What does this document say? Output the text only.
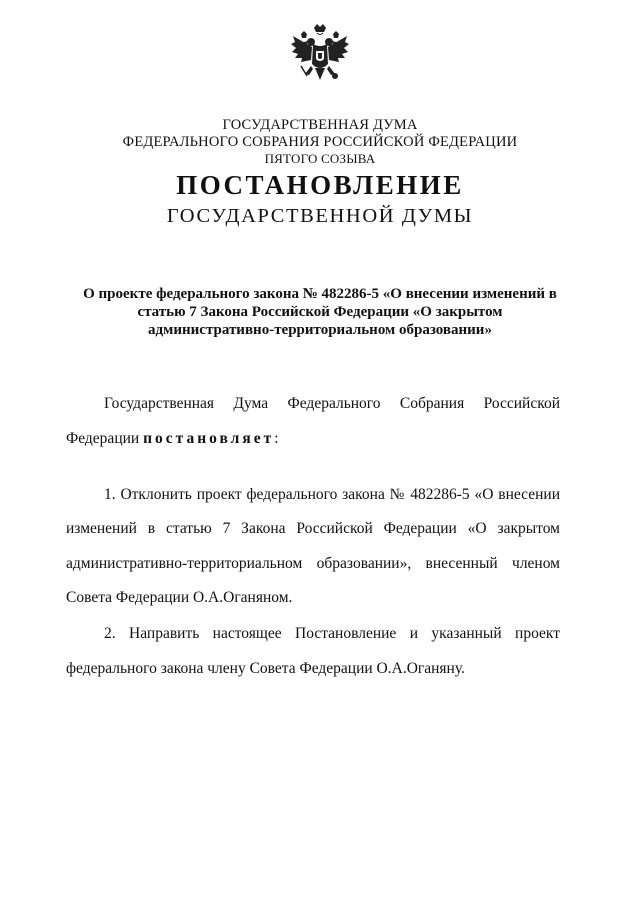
ГОСУДАРСТВЕННАЯ ДУМА
ФЕДЕРАЛЬНОГО СОБРАНИЯ РОССИЙСКОЙ ФЕДЕРАЦИИ
ПЯТОГО СОЗЫВА
ПОСТАНОВЛЕНИЕ
ГОСУДАРСТВЕННОЙ ДУМЫ
О проекте федерального закона № 482286-5 «О внесении изменений в
статью 7 Закона Российской Федерации «О закрытом
административно-территориальном образовании»
Государственная Дума Федерального Собрания Российской
Федерации постановляет:
1. Отклонить проект федерального закона № 482286-5 «О внесении
изменений в статью 7 Закона Российской Федерации «О закрытом
административно-территориальном образовании», внесенный членом
Совета Федерации О.А.Оганяном.
2. Направить настоящее Постановление и указанный проект
федерального закона члену Совета Федерации О.А.Оганяну.
